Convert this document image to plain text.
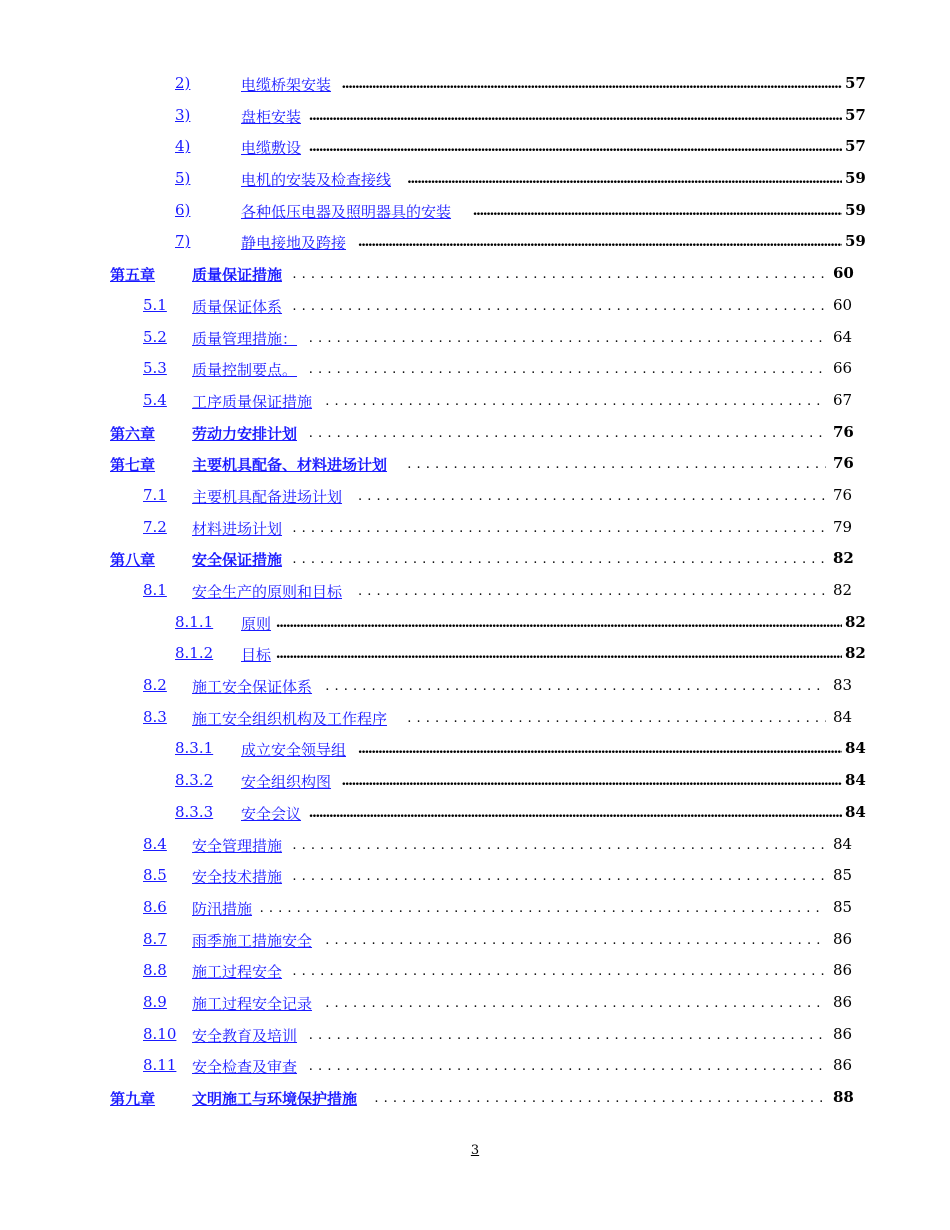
2)	电缆桥架安装 .....	57
3)	盘柜安装 .....	57
4)	电缆敷设 .....	57
5)	电机的安装及检查接线 .....	59
6)	各种低压电器及照明器具的安装 .....	59
7)	静电接地及跨接 .....	59
第五章 质量保证措施 . . .	60
5.1 质量保证体系 . . .	60
5.2 质量管理措施： . . .	64
5.3 质量控制要点。 . . .	66
5.4 工序质量保证措施 . . .	67
第六章 劳动力安排计划 . . .	76
第七章 主要机具配备、材料进场计划 . . .	76
7.1 主要机具配备进场计划 . . .	76
7.2 材料进场计划 . . .	79
第八章 安全保证措施 . . .	82
8.1 安全生产的原则和目标 . . .	82
8.1.1 原则 .....	82
8.1.2 目标 .....	82
8.2 施工安全保证体系 . . .	83
8.3 施工安全组织机构及工作程序 . . .	84
8.3.1 成立安全领导组 .....	84
8.3.2 安全组织构图 .....	84
8.3.3 安全会议 .....	84
8.4 安全管理措施 . . .	84
8.5 安全技术措施 . . .	85
8.6 防汛措施 . . .	85
8.7 雨季施工措施安全 . . .	86
8.8 施工过程安全 . . .	86
8.9 施工过程安全记录 . . .	86
8.10 安全教育及培训 . . .	86
8.11 安全检查及审查 . . .	86
第九章 文明施工与环境保护措施 . . .	88
3
